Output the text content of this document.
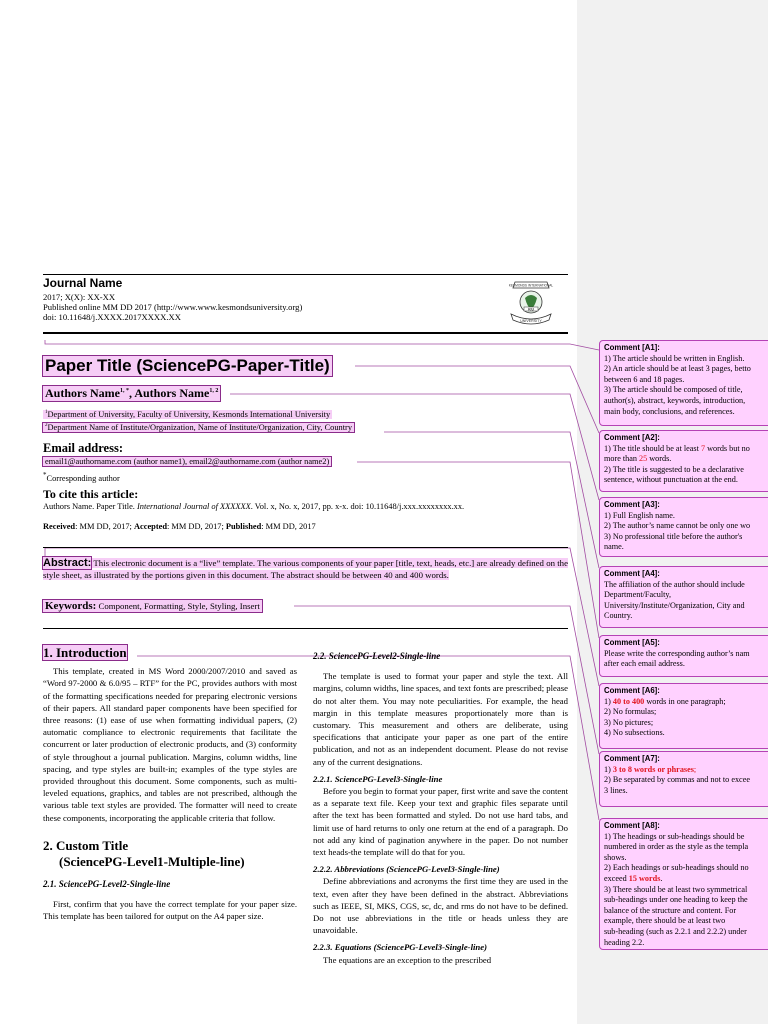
Journal Name
2017; X(X): XX-XX
Published online MM DD 2017 (http://www.www.kesmondsuniversity.org)
doi: 10.11648/j.XXXX.2017XXXX.XX
KESMONDS INTERNATIONAL
KIU
UNIVERSITY
Paper Title (SciencePG-Paper-Title)
Authors Name$^{1, *}$, Authors Name$^{1, 2}$
$^1$Department of University, Faculty of University, Kesmonds International University
$^2$Department Name of Institute/Organization, Name of Institute/Organization, City, Country
Email address:
email1@authorname.com (author name1), email2@authorname.com (author name2)
*Corresponding author
To cite this article:
Authors Name. Paper Title. International Journal of XXXXXX. Vol. x, No. x, 2017, pp. x-x. doi: 10.11648/j.xxx.xxxxxxxx.xx.
Received: MM DD, 2017; Accepted: MM DD, 2017; Published: MM DD, 2017
Abstract: This electronic document is a “live” template. The various components of your paper [title, text, heads, etc.] are already defined on the style sheet, as illustrated by the portions given in this document. The abstract should be between 40 and 400 words.
Keywords: Component, Formatting, Style, Styling, Insert
1. Introduction

This template, created in MS Word 2000/2007/2010 and saved as “Word 97-2000 & 6.0/95 – RTF” for the PC, provides authors with most of the formatting specifications needed for preparing electronic versions of their papers. All standard paper components have been specified for three reasons: (1) ease of use when formatting individual papers, (2) automatic compliance to electronic requirements that facilitate the concurrent or later production of electronic products, and (3) conformity of style throughout a journal publication. Margins, column widths, line spacing, and type styles are built-in; examples of the type styles are provided throughout this document. Some components, such as multi-leveled equations, graphics, and tables are not prescribed, although the various table text styles are provided. The formatter will need to create these components, incorporating the applicable criteria that follow.

2. Custom Title
(SciencePG-Level1-Multiple-line)
2.1. SciencePG-Level2-Single-line

First, confirm that you have the correct template for your paper size. This template has been tailored for output on the A4 paper size.

2.2. SciencePG-Level2-Single-line

The template is used to format your paper and style the text. All margins, column widths, line spaces, and text fonts are prescribed; please do not alter them. You may note peculiarities. For example, the head margin in this template measures proportionately more than is customary. This measurement and others are deliberate, using specifications that anticipate your paper as one part of the entire publication, and not as an independent document. Please do not revise any of the current designations.

2.2.1. SciencePG-Level3-Single-line

Before you begin to format your paper, first write and save the content as a separate text file. Keep your text and graphic files separate until after the text has been formatted and styled. Do not use hard tabs, and limit use of hard returns to only one return at the end of a paragraph. Do not add any kind of pagination anywhere in the paper. Do not number text heads-the template will do that for you.

2.2.2. Abbreviations (SciencePG-Level3-Single-line)

Define abbreviations and acronyms the first time they are used in the text, even after they have been defined in the abstract. Abbreviations such as IEEE, SI, MKS, CGS, sc, dc, and rms do not have to be defined. Do not use abbreviations in the title or heads unless they are unavoidable.

2.2.3. Equations (SciencePG-Level3-Single-line)

The equations are an exception to the prescribed

Comment [A1]:
1) The article should be written in English.
2) An article should be at least 3 pages, betto
between 6 and 18 pages.
3) The article should be composed of title,
author(s), abstract, keywords, introduction,
main body, conclusions, and references.
Comment [A2]:
1) The title should be at least 7 words but no
more than 25 words.
2) The title is suggested to be a declarative
sentence, without punctuation at the end.
Comment [A3]:
1) Full English name.
2) The author’s name cannot be only one wo
3) No professional title before the author's
name.
Comment [A4]:
The affiliation of the author should include
Department/Faculty,
University/Institute/Organization, City and
Country.
Comment [A5]:
Please write the corresponding author’s nam
after each email address.
Comment [A6]:
1) 40 to 400 words in one paragraph;
2) No formulas;
3) No pictures;
4) No subsections.
Comment [A7]:
1) 3 to 8 words or phrases;
2) Be separated by commas and not to excee
3 lines.
Comment [A8]:
1) The headings or sub-headings should be
numbered in order as the style as the templa
shows.
2) Each headings or sub-headings should no
exceed 15 words.
3) There should be at least two symmetrical
sub-headings under one heading to keep the
balance of the structure and content. For
example, there should be at least two
sub-heading (such as 2.2.1 and 2.2.2) under
heading 2.2.
